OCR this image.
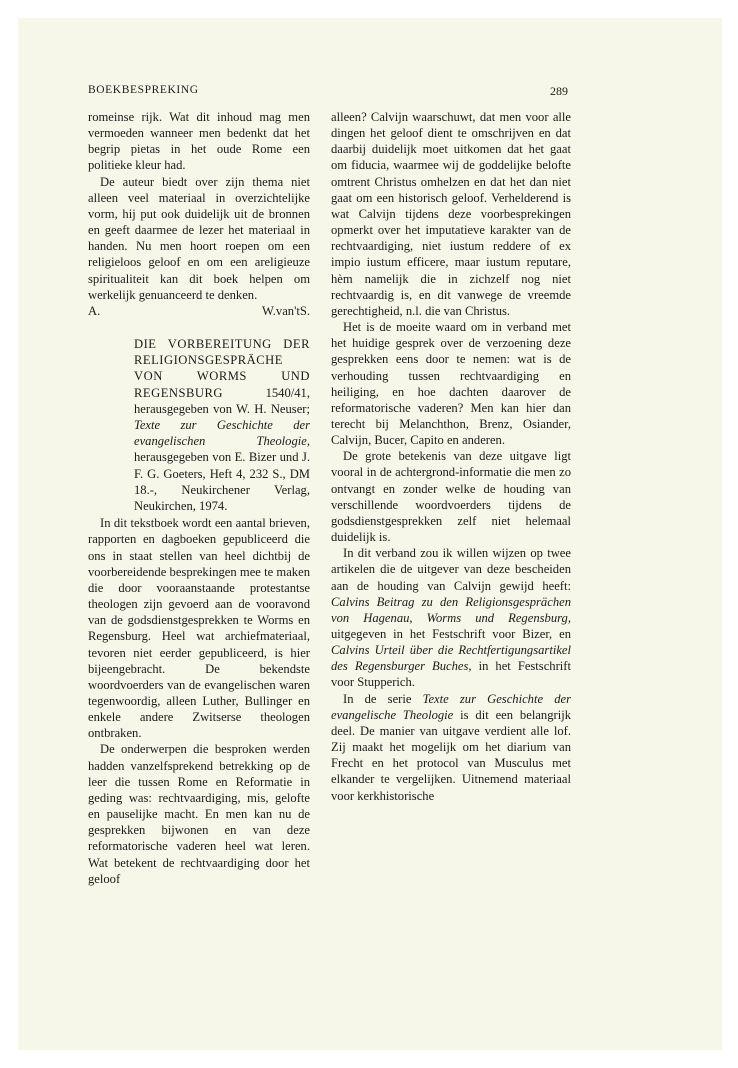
BOEKBESPREKING	289

romeinse rijk. Wat dit inhoud mag men vermoeden wanneer men bedenkt dat het begrip pietas in het oude Rome een politieke kleur had.

De auteur biedt over zijn thema niet alleen veel materiaal in overzichtelijke vorm, hij put ook duidelijk uit de bronnen en geeft daarmee de lezer het materiaal in handen. Nu men hoort roepen om een religieloos geloof en om een areligieuze spiritualiteit kan dit boek helpen om werkelijk genuanceerd te denken.

A.	W.van'tS.
DIE VORBEREITUNG DER RELIGIONSGESPRÄCHE VON WORMS UND REGENSBURG	1540/41, herausgegeben von W. H. Neuser; Texte zur Geschichte der evangelischen Theologie, herausgegeben von E. Bizer und J. F. G. Goeters, Heft 4, 232 S., DM 18.-, Neukirchener Verlag, Neukirchen, 1974.

In dit tekstboek wordt een aantal brieven, rapporten en dagboeken gepubliceerd die ons in staat stellen van heel dichtbij de voorbereidende besprekingen mee te maken die door vooraanstaande protestantse theologen zijn gevoerd aan de vooravond van de godsdienstgesprekken te Worms en Regensburg. Heel wat archiefmateriaal, tevoren niet eerder gepubliceerd, is hier bijeengebracht. De bekendste woordvoerders van de evangelischen waren tegenwoordig, alleen Luther, Bullinger en enkele andere Zwitserse theologen ontbraken.

De onderwerpen die besproken werden hadden vanzelfsprekend betrekking op de leer die tussen Rome en Reformatie in geding was: rechtvaardiging, mis, gelofte en pauselijke macht. En men kan nu de gesprekken bijwonen en van deze reformatorische vaderen heel wat leren. Wat betekent de rechtvaardiging door het geloof

alleen? Calvijn waarschuwt, dat men voor alle dingen het geloof dient te omschrijven en dat daarbij duidelijk moet uitkomen dat het gaat om fiducia, waarmee wij de goddelijke belofte omtrent Christus omhelzen en dat het dan niet gaat om een historisch geloof. Verhelderend is wat Calvijn tijdens deze voorbesprekingen opmerkt over het imputatieve karakter van de rechtvaardiging, niet iustum reddere of ex impio iustum efficere, maar iustum reputare, hèm namelijk die in zichzelf nog niet rechtvaardig is, en dit vanwege de vreemde gerechtigheid, n.l. die van Christus.

Het is de moeite waard om in verband met het huidige gesprek over de verzoening deze gesprekken eens door te nemen: wat is de verhouding tussen rechtvaardiging en heiliging, en hoe dachten daarover de reformatorische vaderen? Men kan hier dan terecht bij Melanchthon, Brenz, Osiander, Calvijn, Bucer, Capito en anderen.

De grote betekenis van deze uitgave ligt vooral in de achtergrond-informatie die men zo ontvangt en zonder welke de houding van verschillende woordvoerders tijdens de godsdienstgesprekken zelf niet helemaal duidelijk is.

In dit verband zou ik willen wijzen op twee artikelen die de uitgever van deze bescheiden aan de houding van Calvijn gewijd heeft: Calvins Beitrag zu den Religionsgesprächen von Hagenau, Worms und Regensburg, uitgegeven in het Festschrift voor Bizer, en Calvins Urteil über die Rechtfertigungsartikel des Regensburger Buches, in het Festschrift voor Stupperich.

In de serie Texte zur Geschichte der evangelische Theologie is dit een belangrijk deel. De manier van uitgave verdient alle lof. Zij maakt het mogelijk om het diarium van Frecht en het protocol van Musculus met elkander te vergelijken. Uitnemend materiaal voor kerkhistorische
